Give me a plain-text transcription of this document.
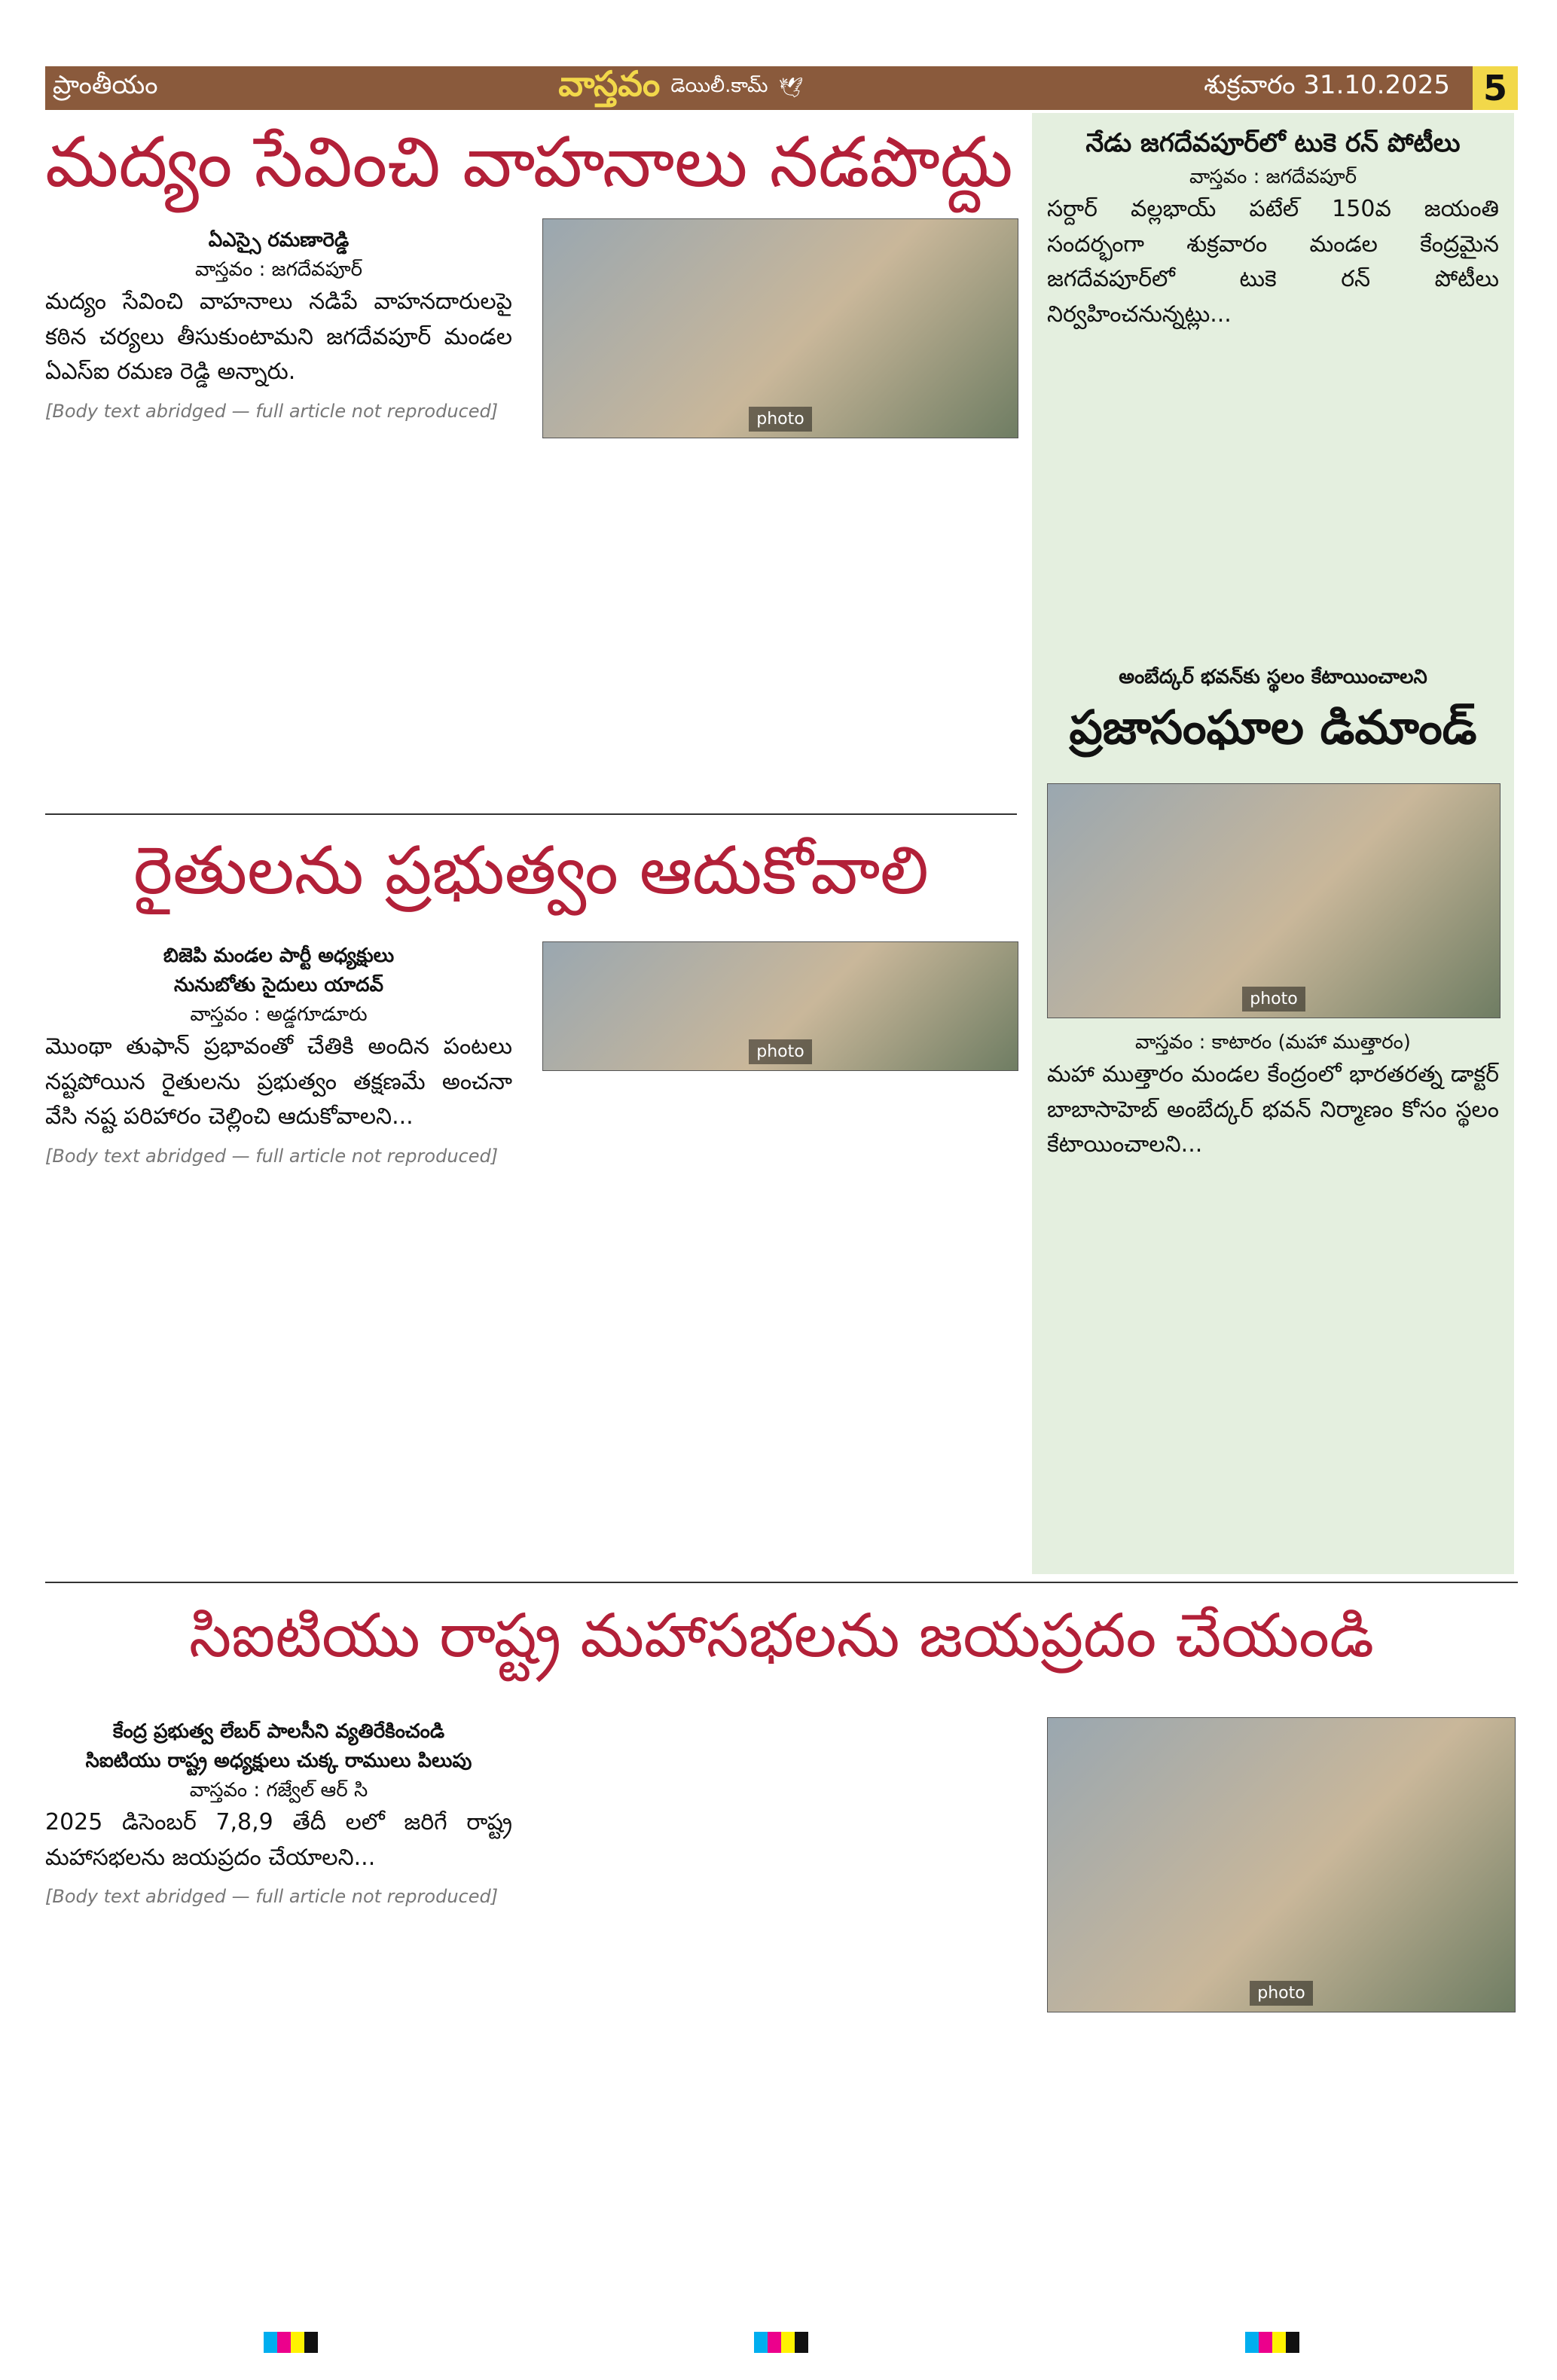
ప్రాంతీయం	వాస్తవం డెయిలీ.కామ్ 🕊	శుక్రవారం 31.10.2025 5
మద్యం సేవించి వాహనాలు నడపొద్దు
ఏఎస్సై రమణారెడ్డి
వాస్తవం : జగదేవపూర్
మద్యం సేవించి వాహనాలు నడిపే వాహనదారులపై కఠిన చర్యలు తీసుకుంటామని జగదేవపూర్ మండల ఏఎస్ఐ రమణ రెడ్డి అన్నారు.
[Body text abridged — full article not reproduced]	photo
రైతులను ప్రభుత్వం ఆదుకోవాలి
బిజెపి మండల పార్టీ అధ్యక్షులు
నునుబోతు సైదులు యాదవ్
వాస్తవం : అడ్డగూడూరు
మొంథా తుఫాన్ ప్రభావంతో చేతికి అందిన పంటలు నష్టపోయిన రైతులను ప్రభుత్వం తక్షణమే అంచనా వేసి నష్ట పరిహారం చెల్లించి ఆదుకోవాలని...
[Body text abridged — full article not reproduced]
photo
నేడు జగదేవపూర్‌లో టుకె రన్ పోటీలు
వాస్తవం : జగదేవపూర్
సర్దార్ వల్లభాయ్ పటేల్ 150వ జయంతి సందర్భంగా శుక్రవారం మండల కేంద్రమైన జగదేవపూర్‌లో టుకె రన్ పోటీలు నిర్వహించనున్నట్లు...
అంబేద్కర్ భవన్‌కు స్థలం కేటాయించాలని
ప్రజాసంఘాల డిమాండ్
photo
వాస్తవం : కాటారం (మహా ముత్తారం)
మహా ముత్తారం మండల కేంద్రంలో భారతరత్న డాక్టర్ బాబాసాహెబ్ అంబేద్కర్ భవన్ నిర్మాణం కోసం స్థలం కేటాయించాలని...
సిఐటియు రాష్ట్ర మహాసభలను జయప్రదం చేయండి
కేంద్ర ప్రభుత్వ లేబర్ పాలసీని వ్యతిరేకించండి
సిఐటియు రాష్ట్ర అధ్యక్షులు చుక్క రాములు పిలుపు
వాస్తవం : గజ్వేల్ ఆర్ సి
2025 డిసెంబర్ 7,8,9 తేదీ లలో జరిగే రాష్ట్ర మహాసభలను జయప్రదం చేయాలని...
[Body text abridged — full article not reproduced]
photo
